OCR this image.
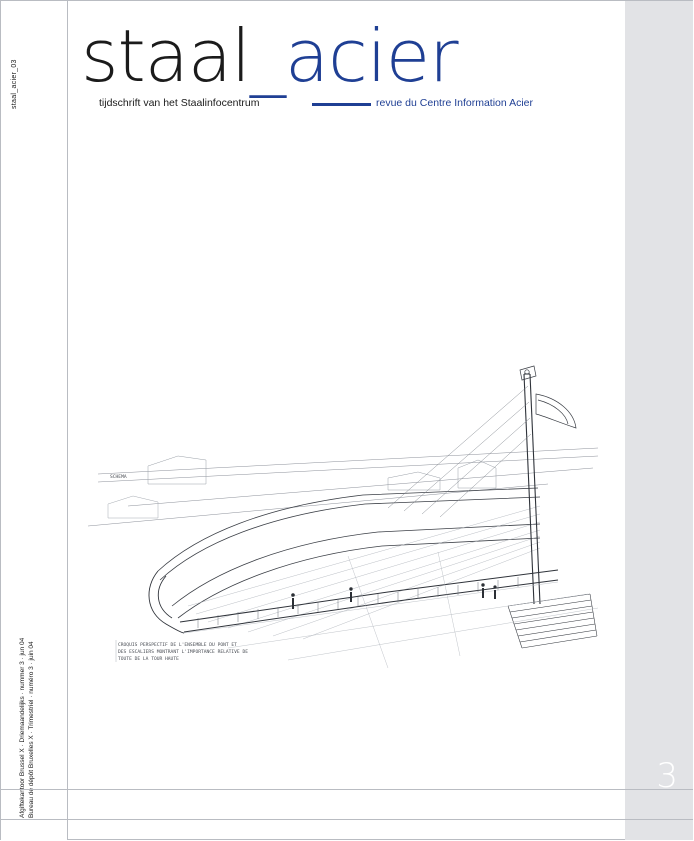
staal_acier_03
Afgiftekantoor Brussel X · Driemaandelijks · nummer 3 · jun 04 Bureau de dépôt Bruxelles X · Trimestriel · numéro 3 · juin 04
staal_acier
tijdschrift van het Staalinfocentrum	revue du Centre Information Acier
SCHEMA
CROQUIS PERSPECTIF DE L'ENSEMBLE DU PONT ET
DES ESCALIERS MONTRANT L'IMPORTANCE RELATIVE DE
TOUTE DE LA TOUR HAUTE
3
